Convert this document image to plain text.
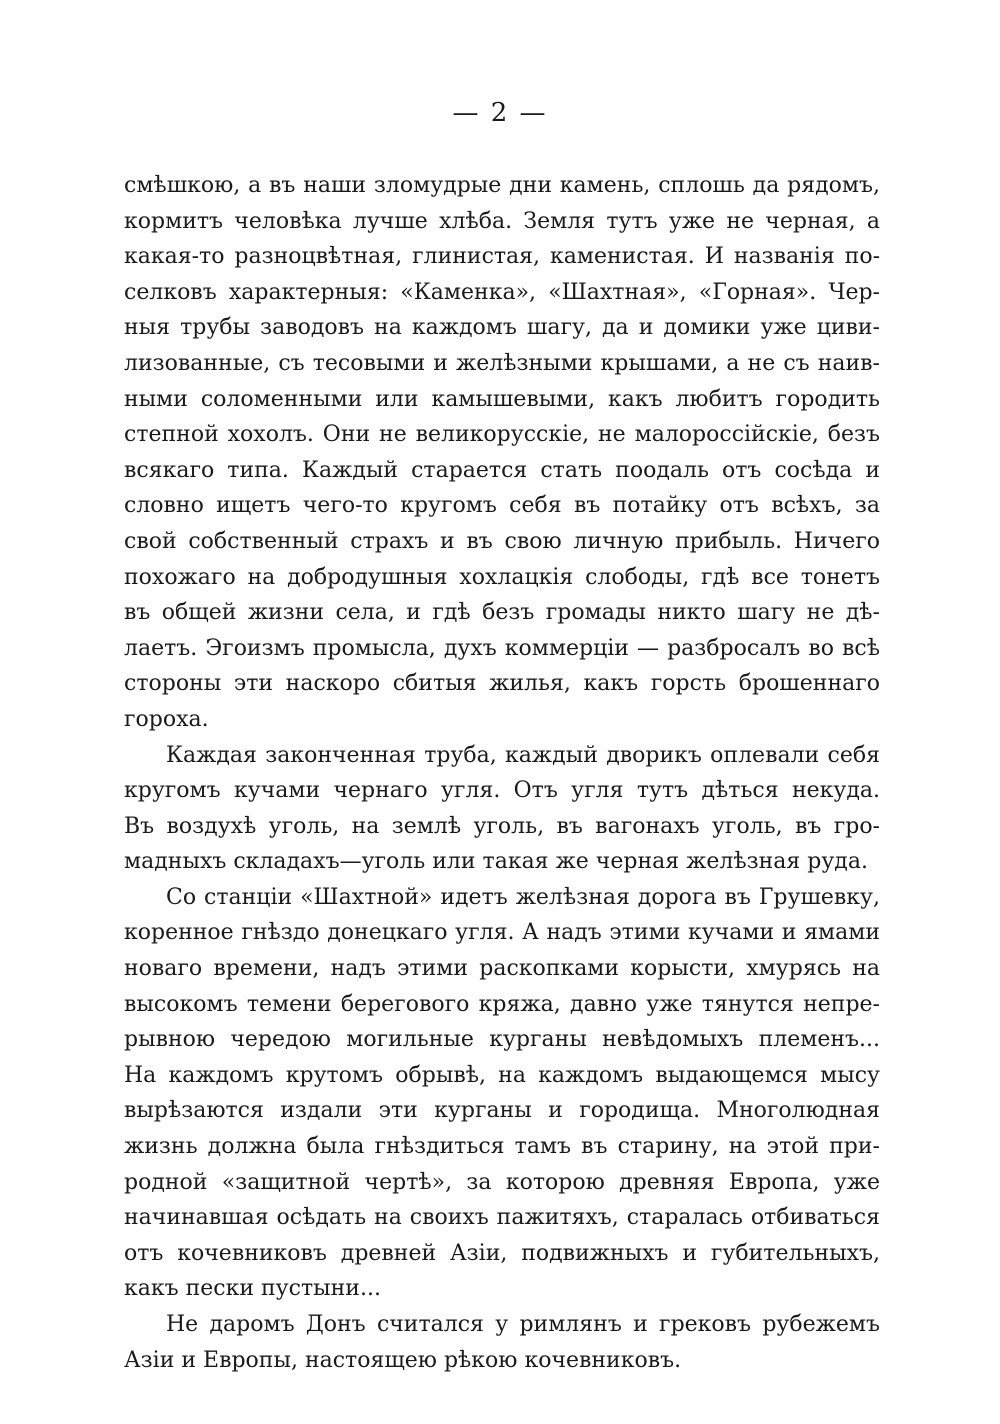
— 2 —
смѣшкою, а въ наши зломудрые дни камень, сплошь да рядомъ,
кормитъ человѣка лучше хлѣба. Земля тутъ уже не черная, а
какая-то разноцвѣтная, глинистая, каменистая. И названія по-
селковъ характерныя: «Каменка», «Шахтная», «Горная». Чер-
ныя трубы заводовъ на каждомъ шагу, да и домики уже циви-
лизованные, съ тесовыми и желѣзными крышами, а не съ наив-
ными соломенными или камышевыми, какъ любитъ городить
степной хохолъ. Они не великорусскіе, не малороссійскіе, безъ
всякаго типа. Каждый старается стать поодаль отъ сосѣда и
словно ищетъ чего-то кругомъ себя въ потайку отъ всѣхъ, за
свой собственный страхъ и въ свою личную прибыль. Ничего
похожаго на добродушныя хохлацкія слободы, гдѣ все тонетъ
въ общей жизни села, и гдѣ безъ громады никто шагу не дѣ-
лаетъ. Эгоизмъ промысла, духъ коммерціи — разбросалъ во всѣ
стороны эти наскоро сбитыя жилья, какъ горсть брошеннаго
гороха.
Каждая законченная труба, каждый дворикъ оплевали себя
кругомъ кучами чернаго угля. Отъ угля тутъ дѣться некуда.
Въ воздухѣ уголь, на землѣ уголь, въ вагонахъ уголь, въ гро-
мадныхъ складахъ—уголь или такая же черная желѣзная руда.
Со станціи «Шахтной» идетъ желѣзная дорога въ Грушевку,
коренное гнѣздо донецкаго угля. А надъ этими кучами и ямами
новаго времени, надъ этими раскопками корысти, хмурясь на
высокомъ темени берегового кряжа, давно уже тянутся непре-
рывною чередою могильные курганы невѣдомыхъ племенъ...
На каждомъ крутомъ обрывѣ, на каждомъ выдающемся мысу
вырѣзаются издали эти курганы и городища. Многолюдная
жизнь должна была гнѣздиться тамъ въ старину, на этой при-
родной «защитной чертѣ», за которою древняя Европа, уже
начинавшая осѣдать на своихъ пажитяхъ, старалась отбиваться
отъ кочевниковъ древней Азіи, подвижныхъ и губительныхъ,
какъ пески пустыни...
Не даромъ Донъ считался у римлянъ и грековъ рубежемъ
Азіи и Европы, настоящею рѣкою кочевниковъ.
